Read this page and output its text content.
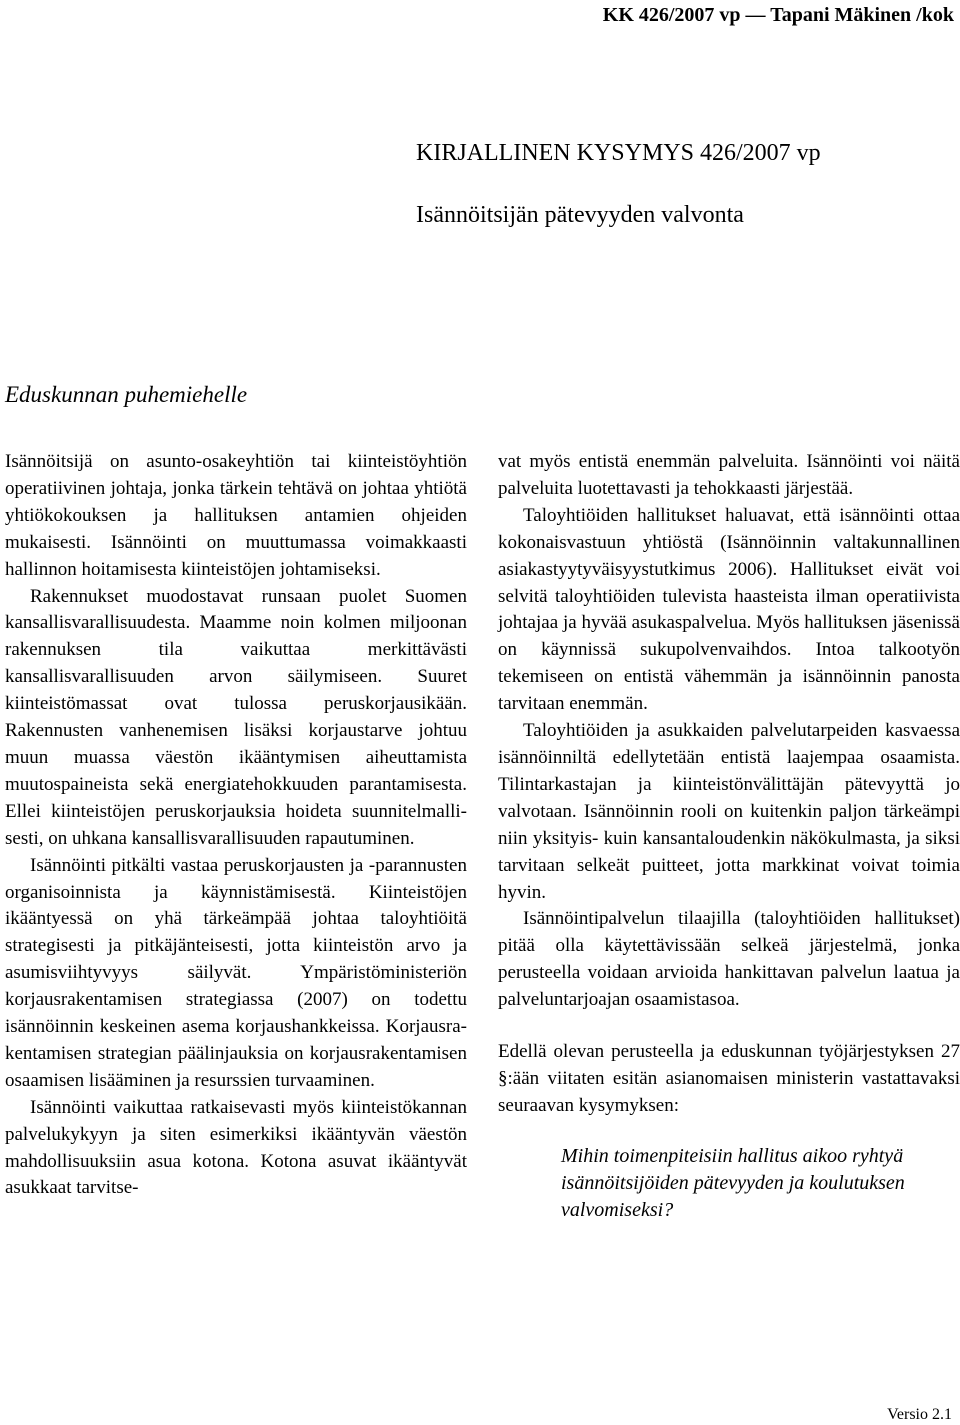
KK 426/2007 vp — Tapani Mäkinen /kok
KIRJALLINEN KYSYMYS 426/2007 vp
Isännöitsijän pätevyyden valvonta
Eduskunnan puhemiehelle

Isännöitsijä on asunto-osakeyhtiön tai kiinteistöyhtiön operatiivinen johtaja, jonka tärkein tehtävä on johtaa yhtiötä yhtiökokouksen ja hallituksen antamien ohjeiden mukaisesti. Isännöinti on muuttumassa voimakkaasti hallinnon hoitamisesta kiinteistöjen johtamiseksi.

Rakennukset muodostavat runsaan puolet Suomen kansallisvarallisuudesta. Maamme noin kolmen miljoonan rakennuksen tila vaikuttaa merkittävästi kansallisvarallisuuden arvon säilymiseen. Suuret kiinteistömassat ovat tulossa peruskorjausikään. Rakennusten vanhenemisen lisäksi korjaustarve johtuu muun muassa väestön ikääntymisen aiheuttamista muutospaineista sekä energiatehokkuuden parantamisesta. Ellei kiinteistöjen peruskorjauksia hoideta suunnitelmallisesti, on uhkana kansallisvarallisuuden rapautuminen.

Isännöinti pitkälti vastaa peruskorjausten ja -parannusten organisoinnista ja käynnistämisestä. Kiinteistöjen ikääntyessä on yhä tärkeämpää johtaa taloyhtiöitä strategisesti ja pitkäjänteisesti, jotta kiinteistön arvo ja asumisviihtyvyys säilyvät. Ympäristöministeriön korjausrakentamisen strategiassa (2007) on todettu isännöinnin keskeinen asema korjaushankkeissa. Korjausrakentamisen strategian päälinjauksia on korjausrakentamisen osaamisen lisääminen ja resurssien turvaaminen.

Isännöinti vaikuttaa ratkaisevasti myös kiinteistökannan palvelukykyyn ja siten esimerkiksi ikääntyvän väestön mahdollisuuksiin asua kotona. Kotona asuvat ikääntyvät asukkaat tarvitse-

vat myös entistä enemmän palveluita. Isännöinti voi näitä palveluita luotettavasti ja tehokkaasti järjestää.

Taloyhtiöiden hallitukset haluavat, että isännöinti ottaa kokonaisvastuun yhtiöstä (Isännöinnin valtakunnallinen asiakastyytyväisyystutkimus 2006). Hallitukset eivät voi selvitä taloyhtiöiden tulevista haasteista ilman operatiivista johtajaa ja hyvää asukaspalvelua. Myös hallituksen jäsenissä on käynnissä sukupolvenvaihdos. Intoa talkootyön tekemiseen on entistä vähemmän ja isännöinnin panosta tarvitaan enemmän.

Taloyhtiöiden ja asukkaiden palvelutarpeiden kasvaessa isännöinniltä edellytetään entistä laajempaa osaamista. Tilintarkastajan ja kiinteistönvälittäjän pätevyyttä jo valvotaan. Isännöinnin rooli on kuitenkin paljon tärkeämpi niin yksityis- kuin kansantaloudenkin näkökulmasta, ja siksi tarvitaan selkeät puitteet, jotta markkinat voivat toimia hyvin.

Isännöintipalvelun tilaajilla (taloyhtiöiden hallitukset) pitää olla käytettävissään selkeä järjestelmä, jonka perusteella voidaan arvioida hankittavan palvelun laatua ja palveluntarjoajan osaamistasoa.

Edellä olevan perusteella ja eduskunnan työjärjestyksen 27 §:ään viitaten esitän asianomaisen ministerin vastattavaksi seuraavan kysymyksen:

Mihin toimenpiteisiin hallitus aikoo ryhtyä isännöitsijöiden pätevyyden ja koulutuksen valvomiseksi?

Versio 2.1
